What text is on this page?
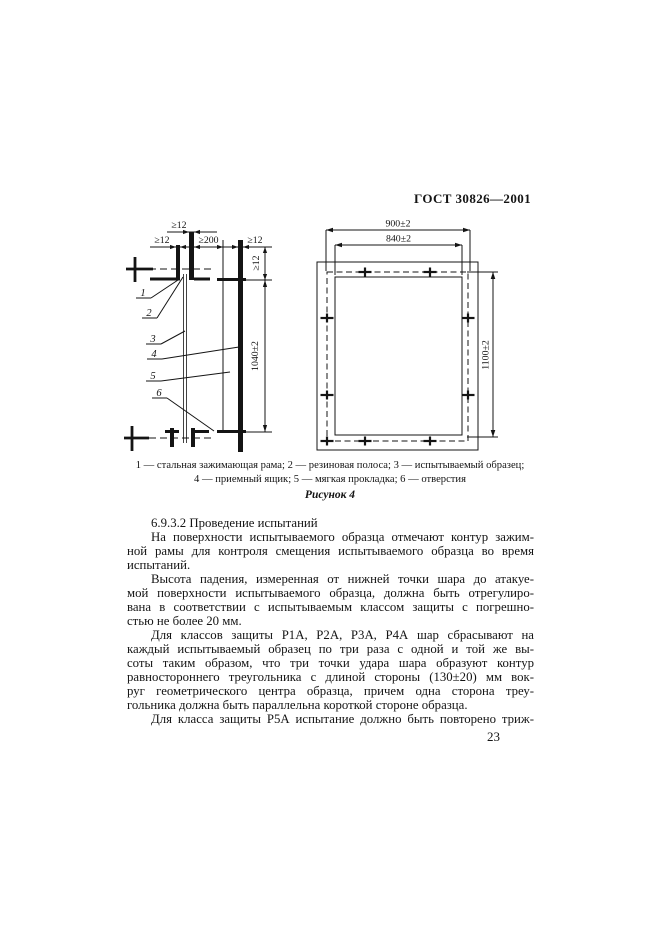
ГОСТ 30826—2001
≥12
≥12	≥200	≥12
≥12
1040±2
1
2
3
4
5
6
900±2
840±2
1100±2
1 — стальная зажимающая рама; 2 — резиновая полоса; 3 — испытываемый образец;
4 — приемный ящик; 5 — мягкая прокладка; 6 — отверстия
Рисунок 4
6.9.3.2 Проведение испытаний
На поверхности испытываемого образца отмечают контур зажим-
ной рамы для контроля смещения испытываемого образца во время
испытаний.
Высота падения, измеренная от нижней точки шара до атакуе-
мой поверхности испытываемого образца, должна быть отрегулиро-
вана в соответствии с испытываемым классом защиты с погрешно-
стью не более 20 мм.
Для классов защиты Р1А, Р2А, Р3А, Р4А шар сбрасывают на
каждый испытываемый образец по три раза с одной и той же вы-
соты таким образом, что три точки удара шара образуют контур
равностороннего треугольника с длиной стороны (130±20) мм вок-
руг геометрического центра образца, причем одна сторона треу-
гольника должна быть параллельна короткой стороне образца.
Для класса защиты Р5А испытание должно быть повторено триж-
23
